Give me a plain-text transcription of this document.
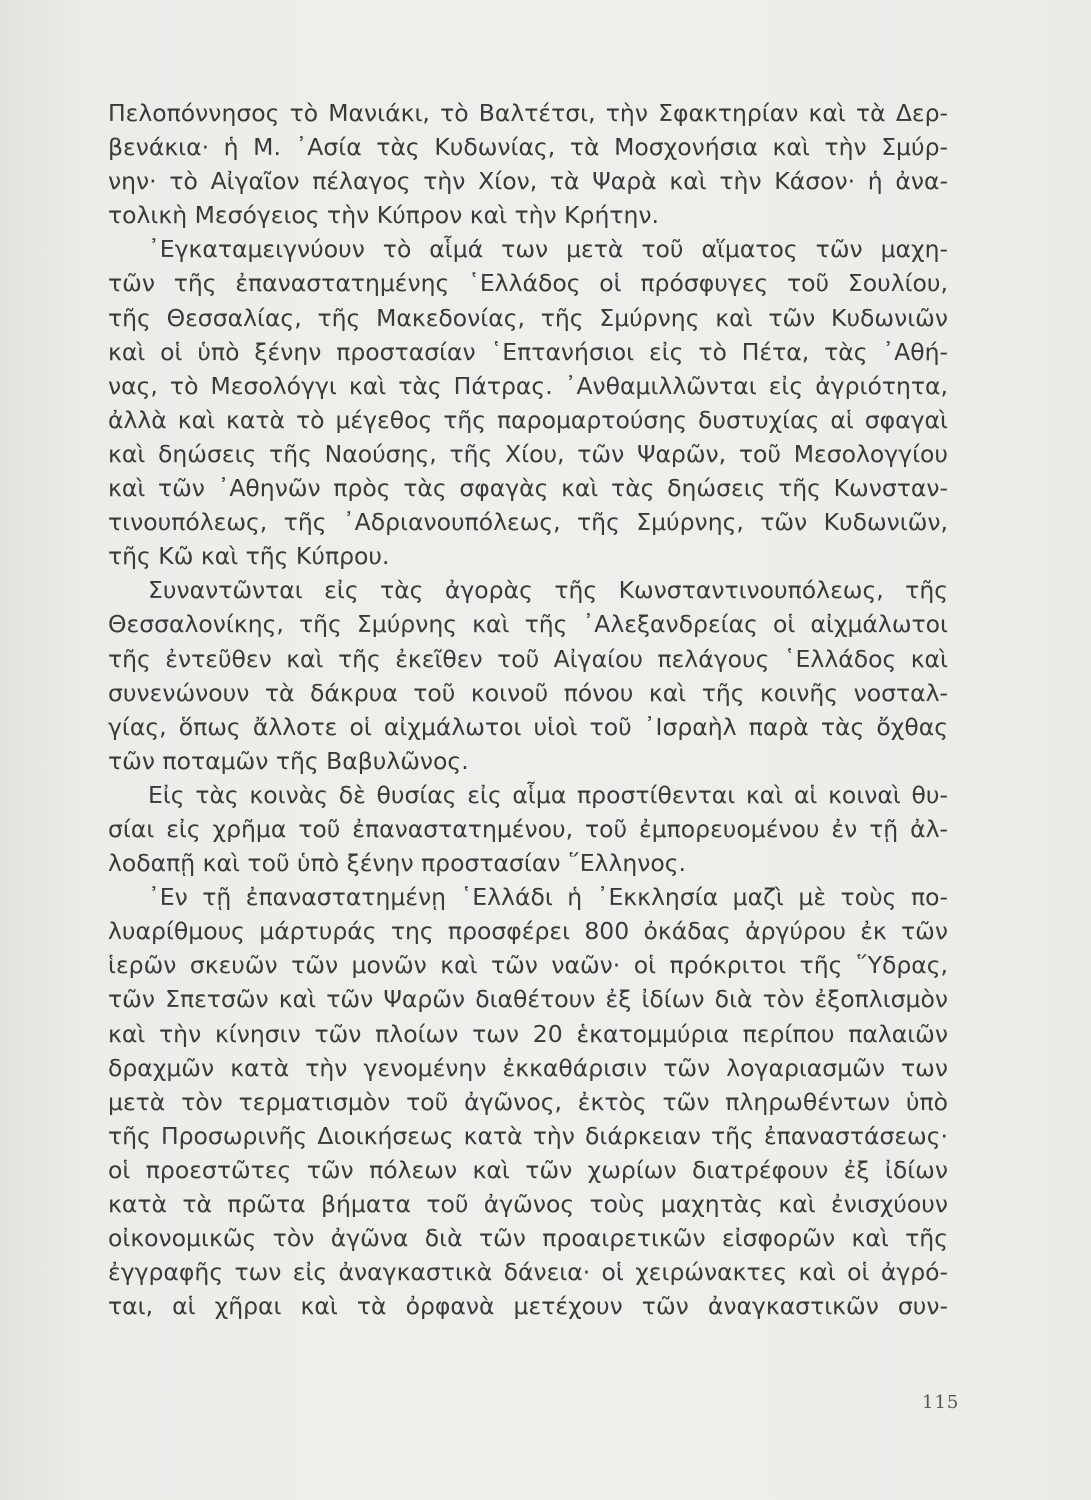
Πελοπόννησος τὸ Μανιάκι, τὸ Βαλτέτσι, τὴν Σφακτηρίαν καὶ τὰ Δερ-
βενάκια· ἡ Μ. ᾿Ασία τὰς Κυδωνίας, τὰ Μοσχονήσια καὶ τὴν Σμύρ-
νην· τὸ Αἰγαῖον πέλαγος τὴν Χίον, τὰ Ψαρὰ καὶ τὴν Κάσον· ἡ ἀνα-
τολικὴ Μεσόγειος τὴν Κύπρον καὶ τὴν Κρήτην.
᾿Εγκαταμειγνύουν τὸ αἷμά των μετὰ τοῦ αἵματος τῶν μαχη-
τῶν τῆς ἐπαναστατημένης ῾Ελλάδος οἱ πρόσφυγες τοῦ Σουλίου,
τῆς Θεσσαλίας, τῆς Μακεδονίας, τῆς Σμύρνης καὶ τῶν Κυδωνιῶν
καὶ οἱ ὑπὸ ξένην προστασίαν ῾Επτανήσιοι εἰς τὸ Πέτα, τὰς ᾿Αθή-
νας, τὸ Μεσολόγγι καὶ τὰς Πάτρας. ᾿Ανθαμιλλῶνται εἰς ἀγριότητα,
ἀλλὰ καὶ κατὰ τὸ μέγεθος τῆς παρομαρτούσης δυστυχίας αἱ σφαγαὶ
καὶ δηώσεις τῆς Ναούσης, τῆς Χίου, τῶν Ψαρῶν, τοῦ Μεσολογγίου
καὶ τῶν ᾿Αθηνῶν πρὸς τὰς σφαγὰς καὶ τὰς δηώσεις τῆς Κωνσταν-
τινουπόλεως, τῆς ᾿Αδριανουπόλεως, τῆς Σμύρνης, τῶν Κυδωνιῶν,
τῆς Κῶ καὶ τῆς Κύπρου.
Συναντῶνται εἰς τὰς ἀγορὰς τῆς Κωνσταντινουπόλεως, τῆς
Θεσσαλονίκης, τῆς Σμύρνης καὶ τῆς ᾿Αλεξανδρείας οἱ αἰχμάλωτοι
τῆς ἐντεῦθεν καὶ τῆς ἐκεῖθεν τοῦ Αἰγαίου πελάγους ῾Ελλάδος καὶ
συνενώνουν τὰ δάκρυα τοῦ κοινοῦ πόνου καὶ τῆς κοινῆς νοσταλ-
γίας, ὅπως ἄλλοτε οἱ αἰχμάλωτοι υἱοὶ τοῦ ᾿Ισραὴλ παρὰ τὰς ὄχθας
τῶν ποταμῶν τῆς Βαβυλῶνος.
Εἰς τὰς κοινὰς δὲ θυσίας εἰς αἷμα προστίθενται καὶ αἱ κοιναὶ θυ-
σίαι εἰς χρῆμα τοῦ ἐπαναστατημένου, τοῦ ἐμπορευομένου ἐν τῇ ἀλ-
λοδαπῇ καὶ τοῦ ὑπὸ ξένην προστασίαν ῞Ελληνος.
᾿Εν τῇ ἐπαναστατημένῃ ῾Ελλάδι ἡ ᾿Εκκλησία μαζὶ μὲ τοὺς πο-
λυαρίθμους μάρτυράς της προσφέρει 800 ὀκάδας ἀργύρου ἐκ τῶν
ἱερῶν σκευῶν τῶν μονῶν καὶ τῶν ναῶν· οἱ πρόκριτοι τῆς ῞Υδρας,
τῶν Σπετσῶν καὶ τῶν Ψαρῶν διαθέτουν ἐξ ἰδίων διὰ τὸν ἐξοπλισμὸν
καὶ τὴν κίνησιν τῶν πλοίων των 20 ἑκατομμύρια περίπου παλαιῶν
δραχμῶν κατὰ τὴν γενομένην ἐκκαθάρισιν τῶν λογαριασμῶν των
μετὰ τὸν τερματισμὸν τοῦ ἀγῶνος, ἐκτὸς τῶν πληρωθέντων ὑπὸ
τῆς Προσωρινῆς Διοικήσεως κατὰ τὴν διάρκειαν τῆς ἐπαναστάσεως·
οἱ προεστῶτες τῶν πόλεων καὶ τῶν χωρίων διατρέφουν ἐξ ἰδίων
κατὰ τὰ πρῶτα βήματα τοῦ ἀγῶνος τοὺς μαχητὰς καὶ ἐνισχύουν
οἰκονομικῶς τὸν ἀγῶνα διὰ τῶν προαιρετικῶν εἰσφορῶν καὶ τῆς
ἐγγραφῆς των εἰς ἀναγκαστικὰ δάνεια· οἱ χειρώνακτες καὶ οἱ ἀγρό-
ται, αἱ χῆραι καὶ τὰ ὀρφανὰ μετέχουν τῶν ἀναγκαστικῶν συν-
115
